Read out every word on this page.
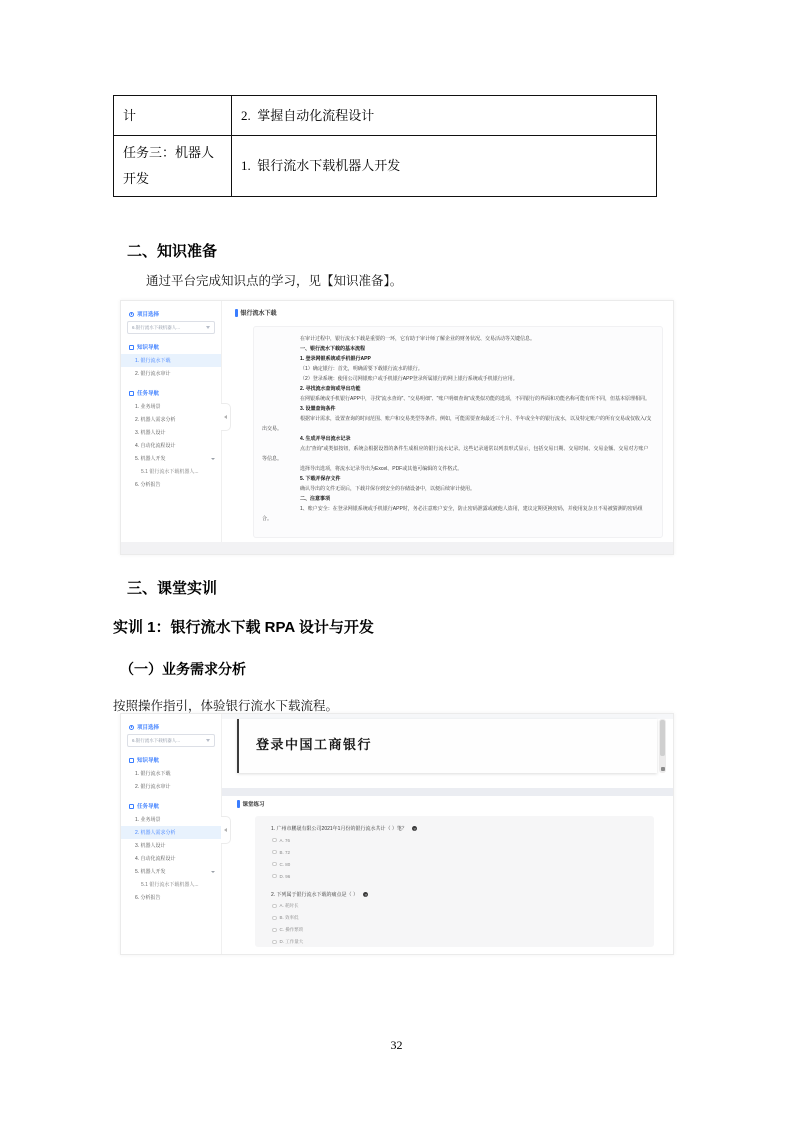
计	2.  掌握自动化流程设计
任务三：机器人开发	1.  银行流水下载机器人开发
二、知识准备

通过平台完成知识点的学习，见【知识准备】。

项目选择
6.银行流水下载机器人...
知识导航
1. 银行流水下载
2. 银行流水审计
任务导航
1. 业务场景
2. 机器人需求分析
3. 机器人设计
4. 自动化流程设计
5. 机器人开发
5.1 银行流水下载机器人...
6. 分析报告
银行流水下载

在审计过程中，银行流水下载是重要的一环，它有助于审计师了解企业的财务状况、交易活动等关键信息。

一、银行流水下载的基本流程

1. 登录网银系统或手机银行APP

（1）确定银行：首先，明确需要下载银行流水的银行。

（2）登录系统：使用公司网银账户或手机银行APP登录所属银行的网上银行系统或手机银行应用。

2. 寻找流水查询或导出功能

在网银系统或手机银行APP中，寻找“流水查询”、“交易明细”、“账户明细查询”或类似功能的选项，不同银行的界面和功能名称可能有所不同，但基本原理相同。

3. 设置查询条件

根据审计需求，设置查询的时间范围、账户和交易类型等条件。例如，可能需要查询最近三个月、半年或全年的银行流水，以及特定账户的所有交易或仅收入/支出交易。

4. 生成并导出流水记录

点击“查询”或类似按钮，系统会根据设置的条件生成相应的银行流水记录。这些记录通常以列表形式显示，包括交易日期、交易时间、交易金额、交易对方账户等信息。

选择导出选项，将流水记录导出为Excel、PDF或其他可编辑的文件格式。

5. 下载并保存文件

确认导出的文件无误后，下载并保存到安全的存储设备中，以便后续审计使用。

二、注意事项

1、账户安全：在登录网银系统或手机银行APP时，务必注意账户安全，防止密码泄露或被他人盗用，建议定期更换密码，并使用复杂且不易被猜测的密码组合。

三、课堂实训
实训 1：银行流水下载 RPA 设计与开发
（一）业务需求分析

按照操作指引，体验银行流水下载流程。

项目选择
6.银行流水下载机器人...
知识导航
1. 银行流水下载
2. 银行流水审计
任务导航
1. 业务场景
2. 机器人需求分析
3. 机器人设计
4. 自动化流程设计
5. 机器人开发
5.1 银行流水下载机器人...
6. 分析报告
登录中国工商银行
课堂练习
1. 广州市鹏晟有限公司2021年1月份的银行流水共计（ ）笔？
?
A. 76
B. 72
C. 80
D. 96
2. 下列属于银行流水下载的痛点是（ ）
?
A. 耗时长
B. 效率低
C. 操作繁琐
D. 工作量大
32
